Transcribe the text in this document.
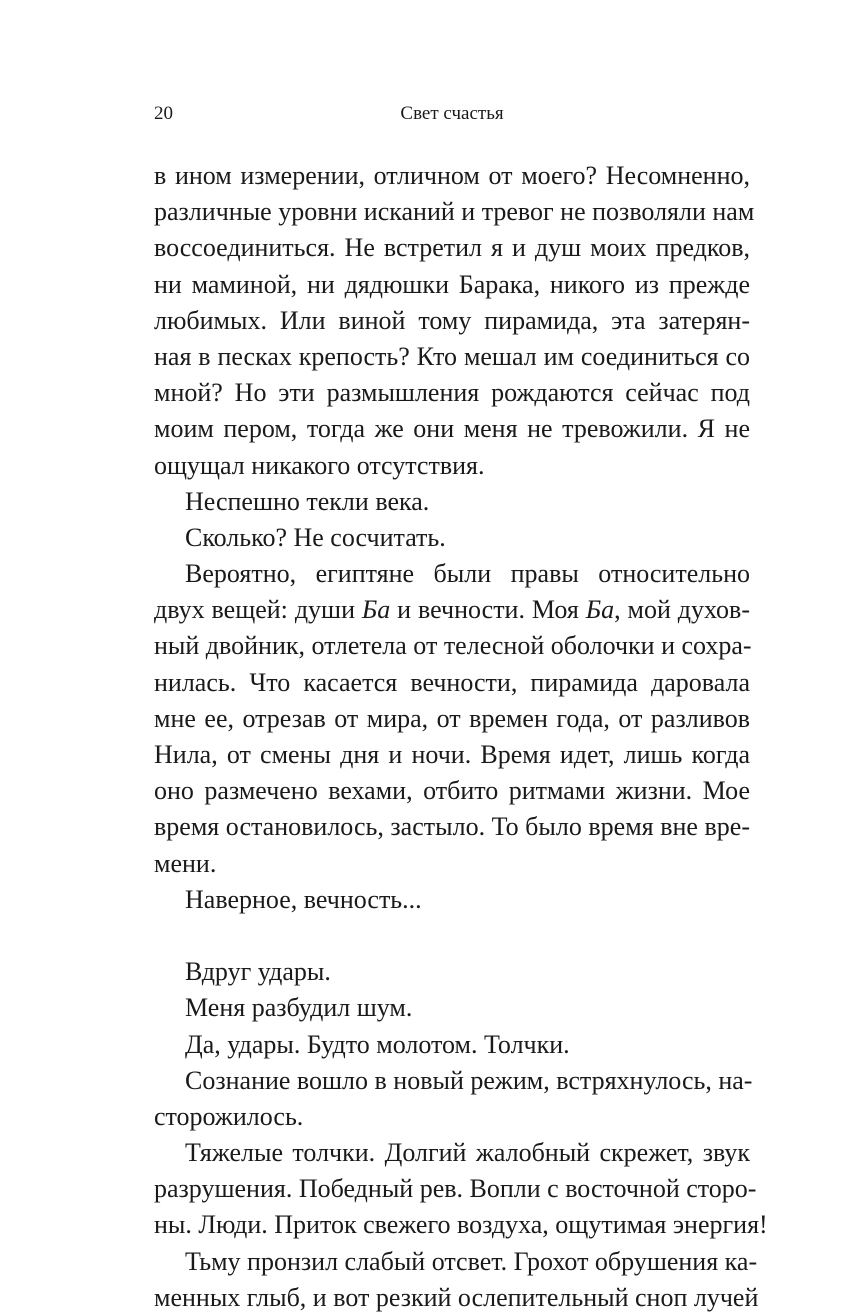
20	Свет счастья

в ином измерении, отличном от моего? Несомненно,
различные уровни исканий и тревог не позволяли нам
воссоединиться. Не встретил я и душ моих предков,
ни маминой, ни дядюшки Барака, никого из прежде
любимых. Или виной тому пирамида, эта затерян-
ная в песках крепость? Кто мешал им соединиться со
мной? Но эти размышления рождаются сейчас под
моим пером, тогда же они меня не тревожили. Я не
ощущал никакого отсутствия.

Неспешно текли века.

Сколько? Не сосчитать.

Вероятно, египтяне были правы относительно
двух вещей: души Ба и вечности. Моя Ба, мой духов-
ный двойник, отлетела от телесной оболочки и сохра-
нилась. Что касается вечности, пирамида даровала
мне ее, отрезав от мира, от времен года, от разливов
Нила, от смены дня и ночи. Время идет, лишь когда
оно размечено вехами, отбито ритмами жизни. Мое
время остановилось, застыло. То было время вне вре-
мени.

Наверное, вечность...

Вдруг удары.

Меня разбудил шум.

Да, удары. Будто молотом. Толчки.

Сознание вошло в новый режим, встряхнулось, на-
сторожилось.

Тяжелые толчки. Долгий жалобный скрежет, звук
разрушения. Победный рев. Вопли с восточной сторо-
ны. Люди. Приток свежего воздуха, ощутимая энергия!

Тьму пронзил слабый отсвет. Грохот обрушения ка-
менных глыб, и вот резкий ослепительный сноп лучей
